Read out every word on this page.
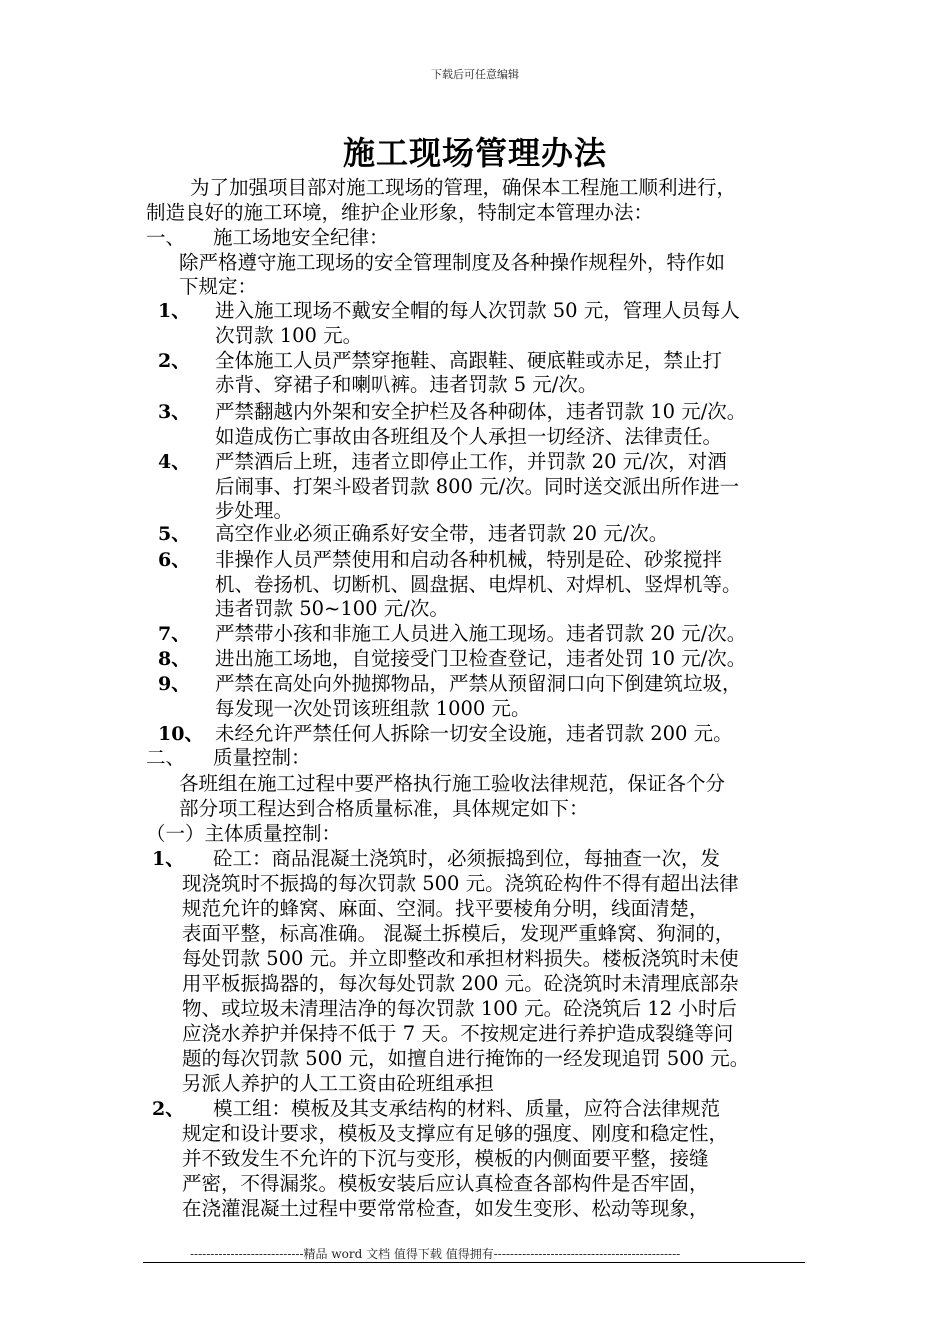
下载后可任意编辑
施工现场管理办法
为了加强项目部对施工现场的管理，确保本工程施工顺利进行，
制造良好的施工环境，维护企业形象，特制定本管理办法：
一、 施工场地安全纪律：
除严格遵守施工现场的安全管理制度及各种操作规程外，特作如
下规定：
1、 进入施工现场不戴安全帽的每人次罚款 50 元，管理人员每人
次罚款 100 元。
2、 全体施工人员严禁穿拖鞋、高跟鞋、硬底鞋或赤足，禁止打
赤背、穿裙子和喇叭裤。违者罚款 5 元/次。
3、 严禁翻越内外架和安全护栏及各种砌体，违者罚款 10 元/次。
如造成伤亡事故由各班组及个人承担一切经济、法律责任。
4、 严禁酒后上班，违者立即停止工作，并罚款 20 元/次，对酒
后闹事、打架斗殴者罚款 800 元/次。同时送交派出所作进一
步处理。
5、 高空作业必须正确系好安全带，违者罚款 20 元/次。
6、 非操作人员严禁使用和启动各种机械，特别是砼、砂浆搅拌
机、卷扬机、切断机、圆盘据、电焊机、对焊机、竖焊机等。
违者罚款 50~100 元/次。
7、 严禁带小孩和非施工人员进入施工现场。违者罚款 20 元/次。
8、 进出施工场地，自觉接受门卫检查登记，违者处罚 10 元/次。
9、 严禁在高处向外抛掷物品，严禁从预留洞口向下倒建筑垃圾，
每发现一次处罚该班组款 1000 元。
10、 未经允许严禁任何人拆除一切安全设施，违者罚款 200 元。
二、 质量控制：
各班组在施工过程中要严格执行施工验收法律规范，保证各个分
部分项工程达到合格质量标准，具体规定如下：
（一）主体质量控制：
1、 砼工：商品混凝土浇筑时，必须振捣到位，每抽查一次，发
现浇筑时不振捣的每次罚款 500 元。浇筑砼构件不得有超出法律
规范允许的蜂窝、麻面、空洞。找平要棱角分明，线面清楚，
表面平整，标高准确。 混凝土拆模后，发现严重蜂窝、狗洞的，
每处罚款 500 元。并立即整改和承担材料损失。楼板浇筑时未使
用平板振捣器的，每次每处罚款 200 元。砼浇筑时未清理底部杂
物、或垃圾未清理洁净的每次罚款 100 元。砼浇筑后 12 小时后
应浇水养护并保持不低于 7 天。不按规定进行养护造成裂缝等问
题的每次罚款 500 元，如擅自进行掩饰的一经发现追罚 500 元。
另派人养护的人工工资由砼班组承担
2、 模工组：模板及其支承结构的材料、质量，应符合法律规范
规定和设计要求，模板及支撑应有足够的强度、刚度和稳定性，
并不致发生不允许的下沉与变形，模板的内侧面要平整，接缝
严密，不得漏浆。模板安装后应认真检查各部构件是否牢固，
在浇灌混凝土过程中要常常检查，如发生变形、松动等现象，
----------------------------精品 word 文档 值得下载 值得拥有----------------------------------------------
